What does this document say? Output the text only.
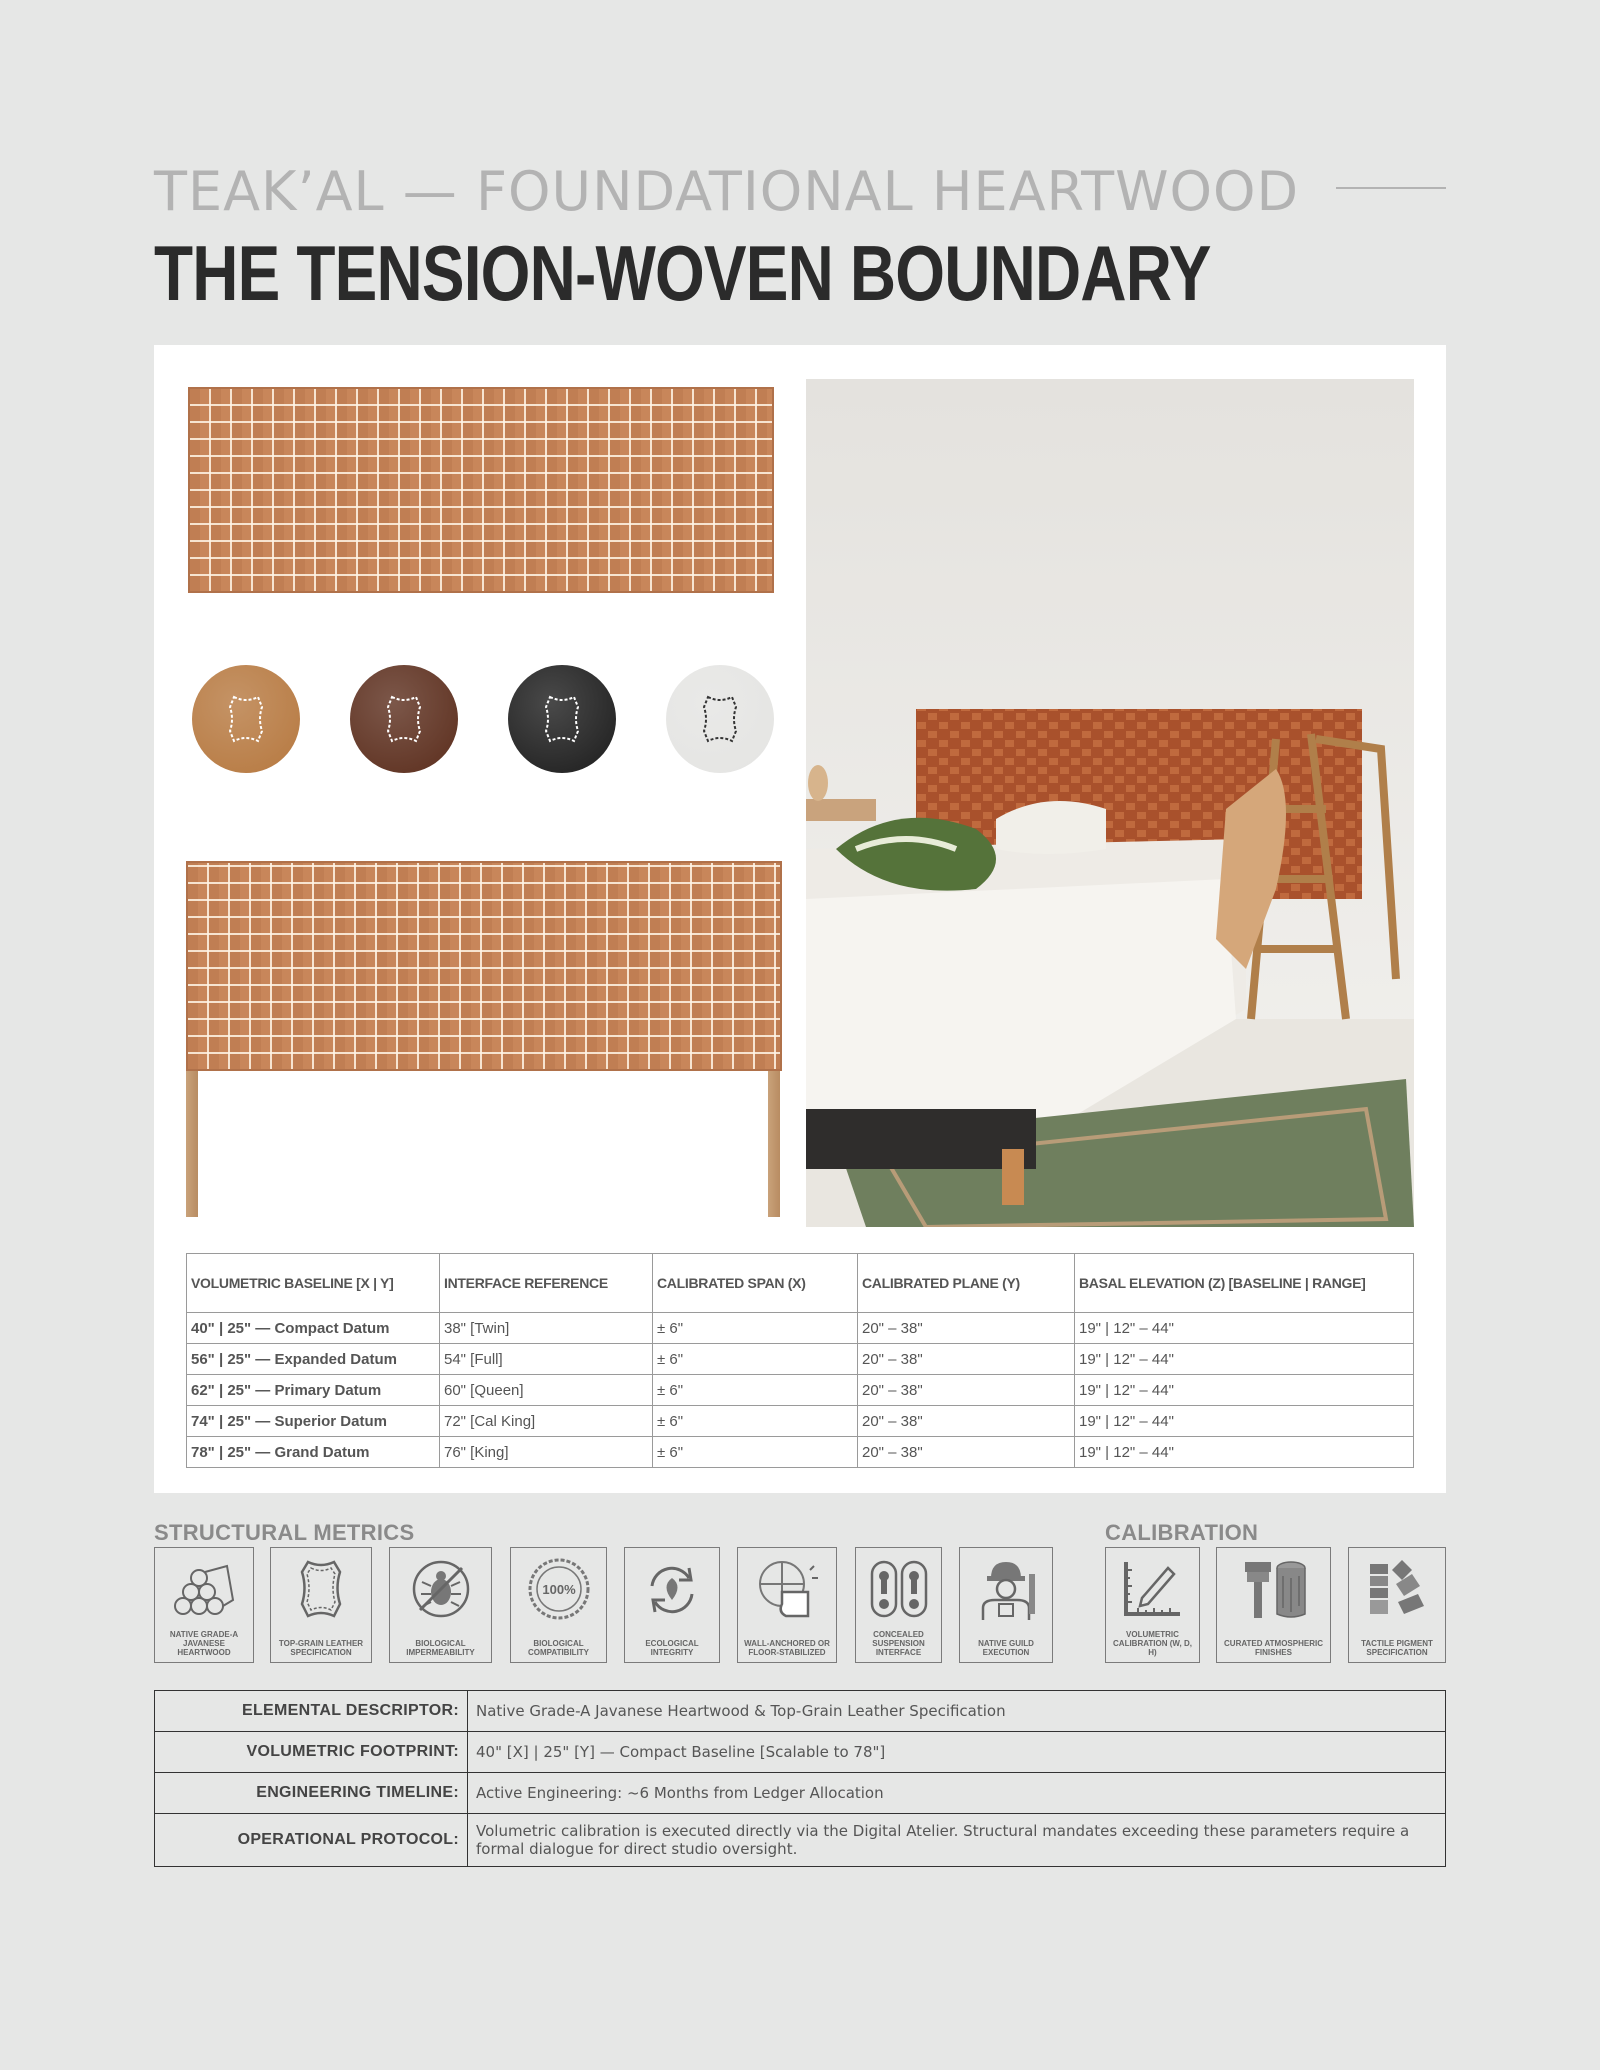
TEAK’AL — FOUNDATIONAL HEARTWOOD
THE TENSION-WOVEN BOUNDARY
VOLUMETRIC BASELINE [X | Y]	INTERFACE REFERENCE	CALIBRATED SPAN (X)	CALIBRATED PLANE (Y)	BASAL ELEVATION (Z) [BASELINE | RANGE]
40" | 25" — Compact Datum	38" [Twin]	± 6"	20" – 38"	19" | 12" – 44"
56" | 25" — Expanded Datum	54" [Full]	± 6"	20" – 38"	19" | 12" – 44"
62" | 25" — Primary Datum	60" [Queen]	± 6"	20" – 38"	19" | 12" – 44"
74" | 25" — Superior Datum	72" [Cal King]	± 6"	20" – 38"	19" | 12" – 44"
78" | 25" — Grand Datum	76" [King]	± 6"	20" – 38"	19" | 12" – 44"
STRUCTURAL METRICS	CALIBRATION
NATIVE GRADE-A JAVANESE HEARTWOOD
TOP-GRAIN LEATHER SPECIFICATION
BIOLOGICAL IMPERMEABILITY
100%
BIOLOGICAL COMPATIBILITY
ECOLOGICAL INTEGRITY
WALL-ANCHORED OR FLOOR-STABILIZED
CONCEALED SUSPENSION INTERFACE
NATIVE GUILD EXECUTION
VOLUMETRIC CALIBRATION (W, D, H)
CURATED ATMOSPHERIC FINISHES
TACTILE PIGMENT SPECIFICATION
ELEMENTAL DESCRIPTOR:	Native Grade-A Javanese Heartwood & Top-Grain Leather Specification
VOLUMETRIC FOOTPRINT:	40" [X] | 25" [Y] — Compact Baseline [Scalable to 78"]
ENGINEERING TIMELINE:	Active Engineering: ~6 Months from Ledger Allocation
OPERATIONAL PROTOCOL:	Volumetric calibration is executed directly via the Digital Atelier. Structural mandates exceeding these parameters require a formal dialogue for direct studio oversight.
